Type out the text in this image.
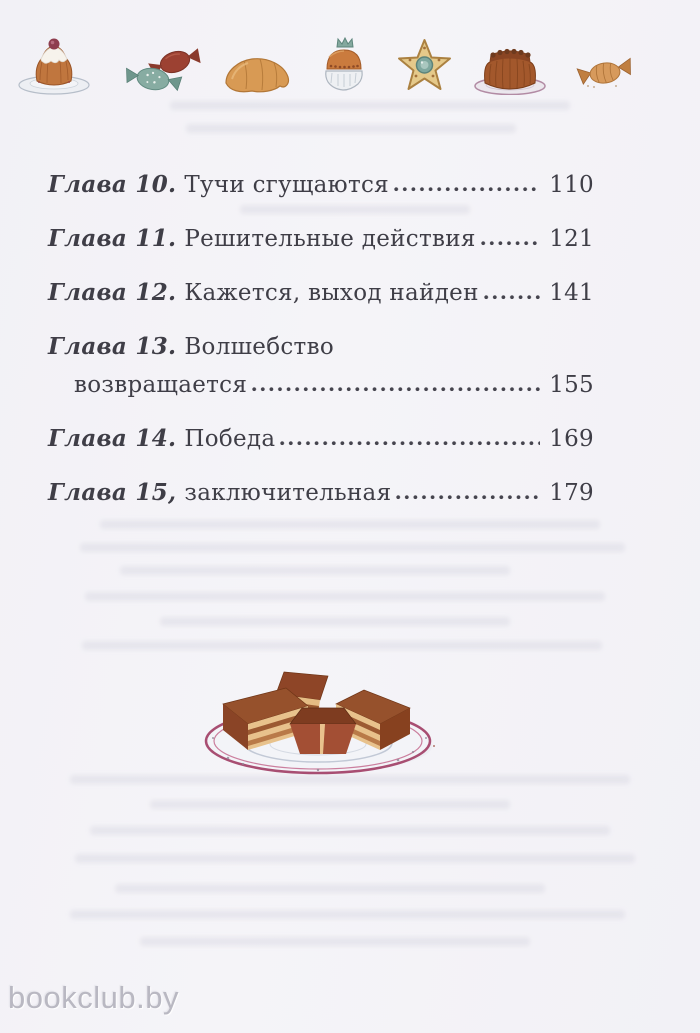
Глава 10. Тучи сгущаются	110
Глава 11. Решительные действия	121
Глава 12. Кажется, выход найден	141
Глава 13. Волшебство
возвращается	155
Глава 14. Победа	169
Глава 15, заключительная	179
bookclub.by
